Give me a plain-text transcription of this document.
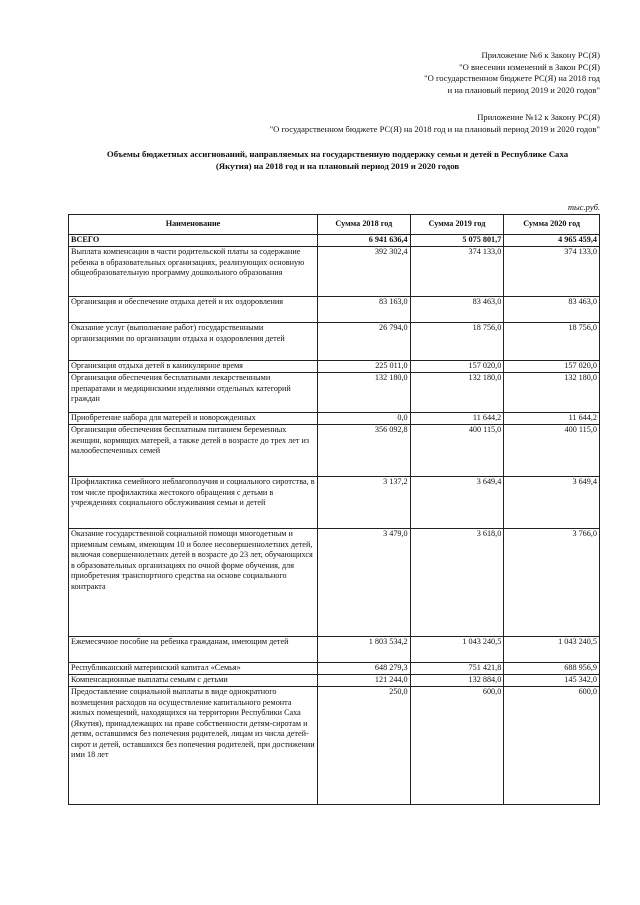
Приложение №6 к Закону РС(Я)
"О внесении изменений в Закон РС(Я)
"О государственном бюджете РС(Я) на 2018 год
и на плановый период 2019 и 2020 годов"
Приложение №12 к Закону РС(Я)
"О государственном бюджете РС(Я) на 2018 год и на плановый период 2019 и 2020 годов"
Объемы бюджетных ассигнований, направляемых на государственную поддержку семьи и детей в Республике Саха
(Якутия) на 2018 год и на плановый период 2019 и 2020 годов
тыс.руб.
Наименование	Сумма 2018 год	Сумма 2019 год	Сумма 2020 год
ВСЕГО	6 941 636,4	5 075 801,7	4 965 459,4
Выплата компенсации в части родительской платы за содержание ребенка в образовательных организациях, реализующих основную общеобразовательную программу дошкольного образования	392 302,4	374 133,0	374 133,0
Организация и обеспечение отдыха детей и их оздоровления	83 163,0	83 463,0	83 463,0
Оказание услуг (выполнение работ) государственными организациями по организации отдыха и оздоровления детей	26 794,0	18 756,0	18 756,0
Организация отдыха детей в каникулярное время	225 011,0	157 020,0	157 020,0
Организация обеспечения бесплатными лекарственными препаратами и медицинскими изделиями отдельных категорий граждан	132 180,0	132 180,0	132 180,0
Приобретение набора для матерей и новорожденных	0,0	11 644,2	11 644,2
Организация обеспечения бесплатным питанием беременных женщин, кормящих матерей, а также детей в возрасте до трех лет из малообеспеченных семей	356 092,8	400 115,0	400 115,0
Профилактика семейного неблагополучия и социального сиротства, в том числе профилактика жестокого обращения с детьми в учреждениях социального обслуживания семьи и детей	3 137,2	3 649,4	3 649,4
Оказание государственной социальной помощи многодетным и приемным семьям, имеющим 10 и более несовершеннолетних детей, включая совершеннолетних детей в возрасте до 23 лет, обучающихся в образовательных организациях по очной форме обучения, для приобретения транспортного средства на основе социального контракта	3 479,0	3 618,0	3 766,0
Ежемесячное пособие на ребенка гражданам, имеющим детей	1 803 534,2	1 043 240,5	1 043 240,5
Республиканский материнский капитал «Семья»	648 279,3	751 421,8	688 956,9
Компенсационные выплаты семьям с детьми	121 244,0	132 884,0	145 342,0
Предоставление социальной выплаты в виде однократного возмещения расходов на осуществление капитального ремонта жилых помещений, находящихся на территории Республики Саха (Якутия), принадлежащих на праве собственности детям-сиротам и детям, оставшимся без попечения родителей, лицам из числа детей-сирот и детей, оставшихся без попечения родителей, при достижении ими 18 лет	250,0	600,0	600,0
